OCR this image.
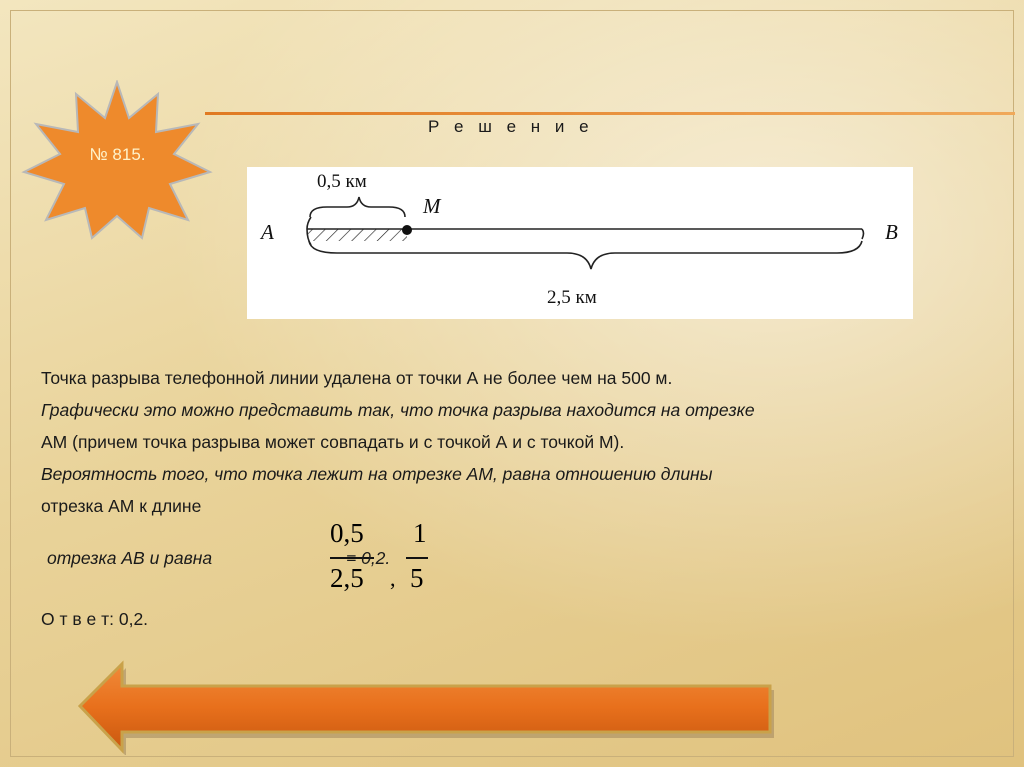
№ 815.
Р е ш е н и е
0,5 км
M
A	B
2,5 км

Точка разрыва телефонной линии удалена от точки А не более чем на 500 м.

Графически это можно представить так, что точка разрыва находится на отрезке

АМ (причем точка разрыва может совпадать и с точкой А и с точкой М).

Вероятность того, что точка лежит на отрезке АМ, равна отношению длины

отрезка АМ к длине

отрезка АВ и равна
0,5
2,5
= 0,2.
,
1
5
О т в е т: 0,2.
